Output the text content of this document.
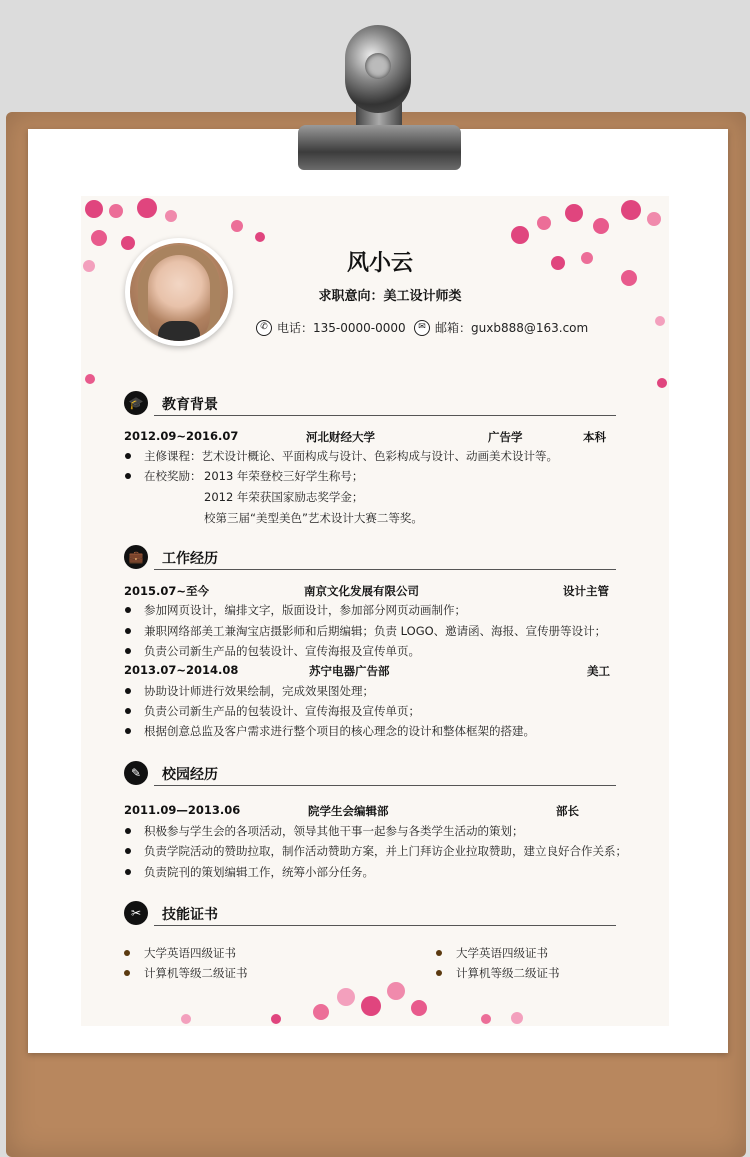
风小云
求职意向：美工设计师类
✆ 电话：135-0000-0000	✉ 邮箱：guxb888@163.com
🎓	教育背景
2012.09~2016.07	河北财经大学	广告学	本科
主修课程：艺术设计概论、平面构成与设计、色彩构成与设计、动画美术设计等。
在校奖励： 2013 年荣登校三好学生称号；
2012 年荣获国家励志奖学金；
校第三届“美型美色”艺术设计大赛二等奖。
💼	工作经历
2015.07~至今	南京文化发展有限公司	设计主管
参加网页设计，编排文字，版面设计，参加部分网页动画制作；
兼职网络部美工兼淘宝店摄影师和后期编辑；负责 LOGO、邀请函、海报、宣传册等设计；
负责公司新生产品的包装设计、宣传海报及宣传单页。
2013.07~2014.08	苏宁电器广告部	美工
协助设计师进行效果绘制，完成效果图处理；
负责公司新生产品的包装设计、宣传海报及宣传单页；
根据创意总监及客户需求进行整个项目的核心理念的设计和整体框架的搭建。
✎	校园经历
2011.09—2013.06	院学生会编辑部	部长
积极参与学生会的各项活动，领导其他干事一起参与各类学生活动的策划；
负责学院活动的赞助拉取，制作活动赞助方案，并上门拜访企业拉取赞助，建立良好合作关系；
负责院刊的策划编辑工作，统筹小部分任务。
✂	技能证书
大学英语四级证书
计算机等级二级证书
大学英语四级证书
计算机等级二级证书
